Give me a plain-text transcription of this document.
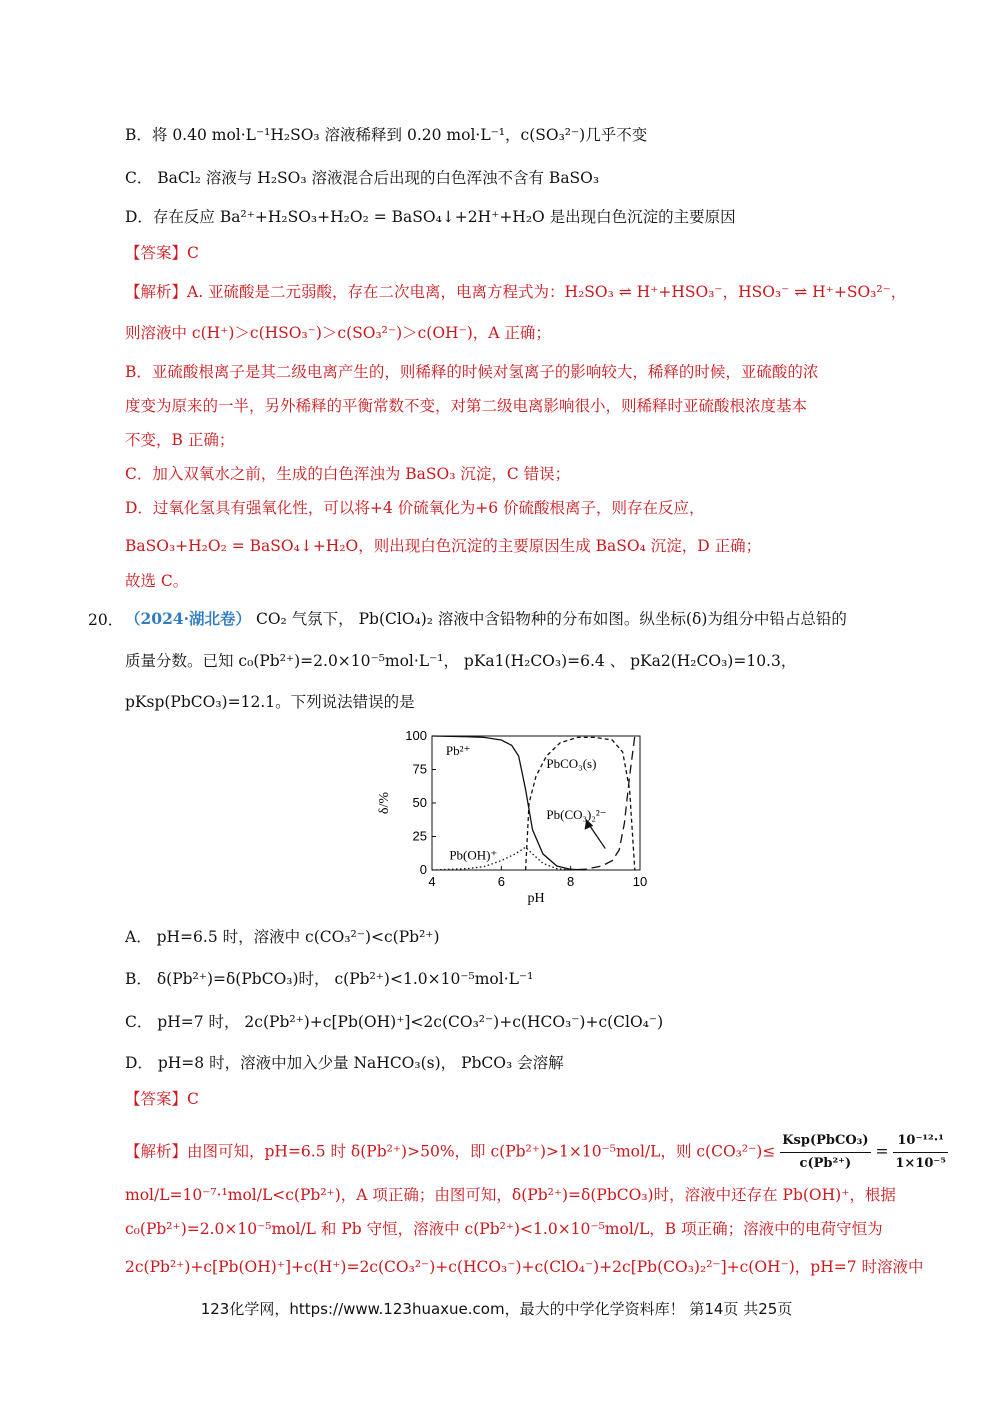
B．将 0.40 mol·L⁻¹H₂SO₃ 溶液稀释到 0.20 mol·L⁻¹，c(SO₃²⁻)几乎不变
C． BaCl₂ 溶液与 H₂SO₃ 溶液混合后出现的白色浑浊不含有 BaSO₃
D．存在反应 Ba²⁺+H₂SO₃+H₂O₂ = BaSO₄↓+2H⁺+H₂O 是出现白色沉淀的主要原因
【答案】C
【解析】A. 亚硫酸是二元弱酸，存在二次电离，电离方程式为：H₂SO₃ ⇌ H⁺+HSO₃⁻，HSO₃⁻ ⇌ H⁺+SO₃²⁻，
则溶液中 c(H⁺)＞c(HSO₃⁻)＞c(SO₃²⁻)＞c(OH⁻)，A 正确；
B．亚硫酸根离子是其二级电离产生的，则稀释的时候对氢离子的影响较大，稀释的时候，亚硫酸的浓
度变为原来的一半，另外稀释的平衡常数不变，对第二级电离影响很小，则稀释时亚硫酸根浓度基本
不变，B 正确；
C．加入双氧水之前，生成的白色浑浊为 BaSO₃ 沉淀，C 错误；
D．过氧化氢具有强氧化性，可以将+4 价硫氧化为+6 价硫酸根离子，则存在反应，
BaSO₃+H₂O₂ = BaSO₄↓+H₂O，则出现白色沉淀的主要原因生成 BaSO₄ 沉淀，D 正确；
故选 C。
20． （2024·湖北卷） CO₂ 气氛下， Pb(ClO₄)₂ 溶液中含铅物种的分布如图。纵坐标(δ)为组分中铅占总铅的
质量分数。已知 c₀(Pb²⁺)=2.0×10⁻⁵mol·L⁻¹， pKa1(H₂CO₃)=6.4 、 pKa2(H₂CO₃)=10.3，
pKsp(PbCO₃)=12.1。下列说法错误的是
4	6	8	10
0
25
50
75
100
pH
δ/%
Pb²⁺
Pb(OH)⁺
PbCO₃(s)
Pb(CO₃)₂²⁻
A． pH=6.5 时，溶液中 c(CO₃²⁻)<c(Pb²⁺)
B． δ(Pb²⁺)=δ(PbCO₃)时， c(Pb²⁺)<1.0×10⁻⁵mol·L⁻¹
C． pH=7 时， 2c(Pb²⁺)+c[Pb(OH)⁺]<2c(CO₃²⁻)+c(HCO₃⁻)+c(ClO₄⁻)
D． pH=8 时，溶液中加入少量 NaHCO₃(s)， PbCO₃ 会溶解
【答案】C
【解析】由图可知，pH=6.5 时 δ(Pb²⁺)>50%，即 c(Pb²⁺)>1×10⁻⁵mol/L，则 $c(CO_3^{2-})\le \frac{\text{Ksp(PbCO₃)}}{\text{c(Pb²⁺)}} = \frac{\text{10⁻¹²·¹}}{\text{1×10⁻⁵}}$
mol/L=10⁻⁷·¹mol/L<c(Pb²⁺)，A 项正确；由图可知，δ(Pb²⁺)=δ(PbCO₃)时，溶液中还存在 Pb(OH)⁺，根据
c₀(Pb²⁺)=2.0×10⁻⁵mol/L 和 Pb 守恒，溶液中 c(Pb²⁺)<1.0×10⁻⁵mol/L，B 项正确；溶液中的电荷守恒为
2c(Pb²⁺)+c[Pb(OH)⁺]+c(H⁺)=2c(CO₃²⁻)+c(HCO₃⁻)+c(ClO₄⁻)+2c[Pb(CO₃)₂²⁻]+c(OH⁻)，pH=7 时溶液中
123化学网，https://www.123huaxue.com，最大的中学化学资料库！ 第14页 共25页
